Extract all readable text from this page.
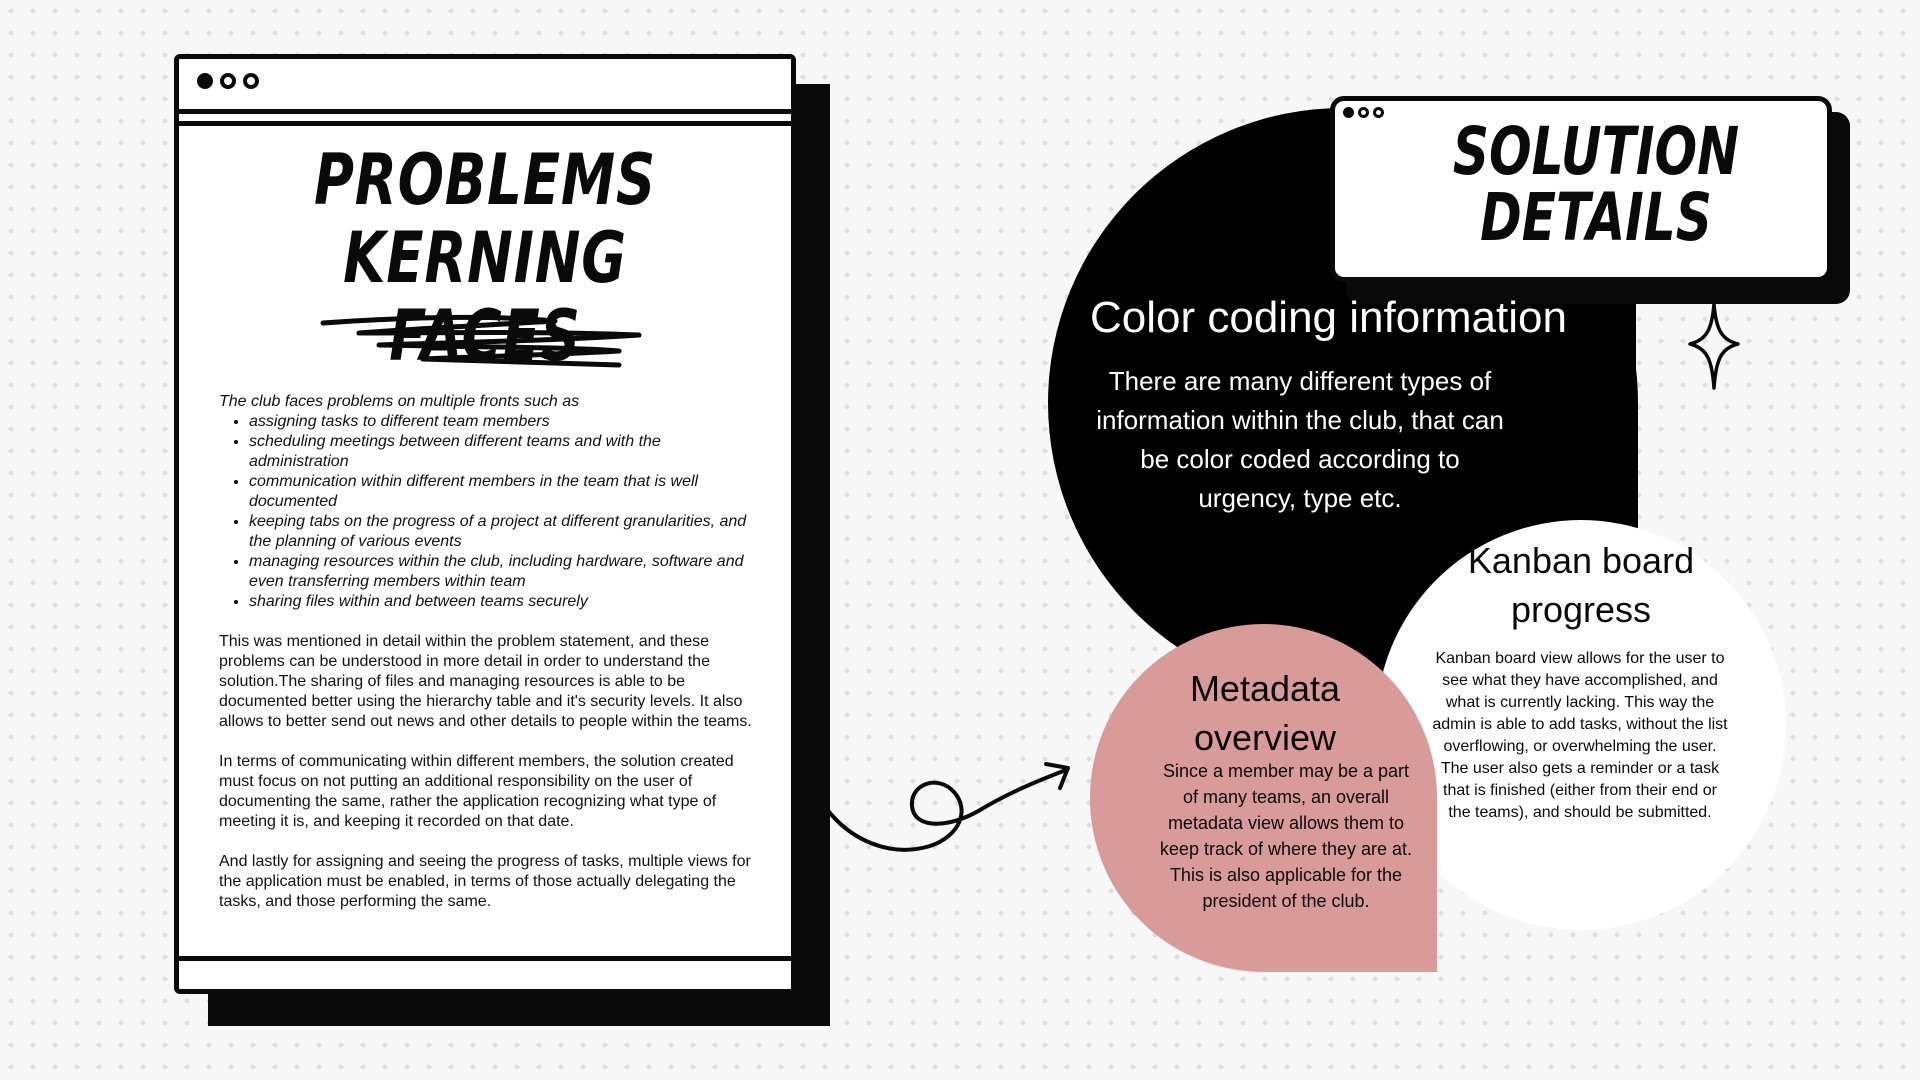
PROBLEMS KERNING FACES

The club faces problems on multiple fronts such as

• assigning tasks to different team members
• scheduling meetings between different teams and with the administration
• communication within different members in the team that is well documented
• keeping tabs on the progress of a project at different granularities, and the planning of various events
• managing resources within the club, including hardware, software and even transferring members within team
• sharing files within and between teams securely

This was mentioned in detail within the problem statement, and these problems can be understood in more detail in order to understand the solution.The sharing of files and managing resources is able to be documented better using the hierarchy table and it's security levels. It also allows to better send out news and other details to people within the teams.

In terms of communicating within different members, the solution created must focus on not putting an additional responsibility on the user of documenting the same, rather the application recognizing what type of meeting it is, and keeping it recorded on that date.

And lastly for assigning and seeing the progress of tasks, multiple views for the application must be enabled, in terms of those actually delegating the tasks, and those performing the same.

SOLUTION
DETAILS
Color coding information
There are many different types of information within the club, that can be color coded according to urgency, type etc.
Kanban board progress
Kanban board view allows for the user to see what they have accomplished, and what is currently lacking. This way the admin is able to add tasks, without the list overflowing, or overwhelming the user. The user also gets a reminder or a task that is finished (either from their end or the teams), and should be submitted.
Metadata overview
Since a member may be a part of many teams, an overall metadata view allows them to keep track of where they are at. This is also applicable for the president of the club.
